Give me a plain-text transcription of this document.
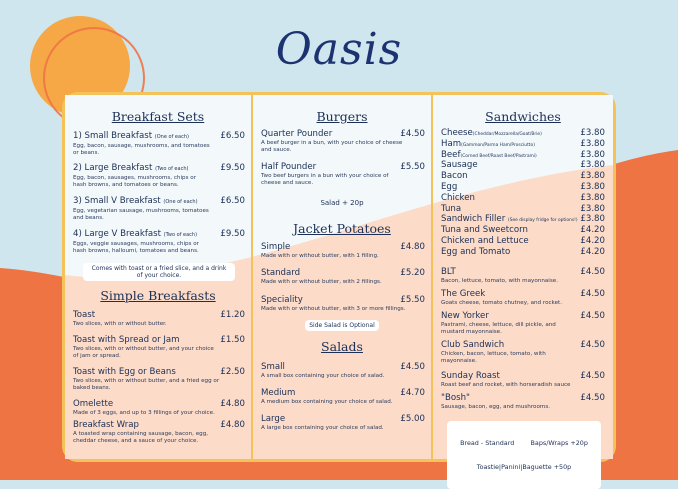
Oasis
Breakfast Sets
1) Small Breakfast (One of each)	£6.50
Egg, bacon, sausage, mushrooms, and tomatoes
or beans.
2) Large Breakfast (Two of each)	£9.50
Egg, bacon, sausages, mushrooms, chips or
hash browns, and tomatoes or beans.
3) Small V Breakfast (One of each)	£6.50
Egg, vegetarian sausage, mushrooms, tomatoes
and beans.
4) Large V Breakfast (Two of each)	£9.50
Eggs, veggie sausages, mushrooms, chips or
hash browns, halloumi, tomatoes and beans.
Comes with toast or a fried slice, and a drink
of your choice.
Simple Breakfasts
Toast	£1.20
Two slices, with or without butter.
Toast with Spread or Jam	£1.50
Two slices, with or without butter, and your choice
of jam or spread.
Toast with Egg or Beans	£2.50
Two slices, with or without butter, and a fried egg or
baked beans.
Omelette	£4.80
Made of 3 eggs, and up to 3 fillings of your choice.
Breakfast Wrap	£4.80
A toasted wrap containing sausage, bacon, egg,
cheddar cheese, and a sauce of your choice.
Burgers
Quarter Pounder	£4.50
A beef burger in a bun, with your choice of cheese
and sauce.
Half Pounder	£5.50
Two beef burgers in a bun with your choice of
cheese and sauce.
Salad + 20p
Jacket Potatoes
Simple	£4.80
Made with or without butter, with 1 filling.
Standard	£5.20
Made with or without butter, with 2 fillings.
Speciality	£5.50
Made with or without butter, with 3 or more fillings.
Side Salad is Optional
Salads
Small	£4.50
A small box containing your choice of salad.
Medium	£4.70
A medium box containing your choice of salad.
Large	£5.00
A large box containing your choice of salad.
Sandwiches
Cheese(Cheddar/Mozzarella/Goat/Brie)	£3.80
Ham(Gammon/Parma Ham/Prosciutto)	£3.80
Beef(Corned Beef/Roast Beef/Pastrami)	£3.80
Sausage	£3.80
Bacon	£3.80
Egg	£3.80
Chicken	£3.80
Tuna	£3.80
Sandwich Filler (See display fridge for options!) £3.80
Tuna and Sweetcorn	£4.20
Chicken and Lettuce	£4.20
Egg and Tomato	£4.20
BLT	£4.50
Bacon, lettuce, tomato, with mayonnaise.
The Greek	£4.50
Goats cheese, tomato chutney, and rocket.
New Yorker	£4.50
Pastrami, cheese, lettuce, dill pickle, and
mustard mayonnaise.
Club Sandwich	£4.50
Chicken, bacon, lettuce, tomato, with
mayonnaise.
Sunday Roast	£4.50
Roast beef and rocket, with horseradish sauce
"Bosh"	£4.50
Sausage, bacon, egg, and mushrooms.

Bread - Standard        Baps/Wraps +20p

Toastie|Panini|Baguette +50p
